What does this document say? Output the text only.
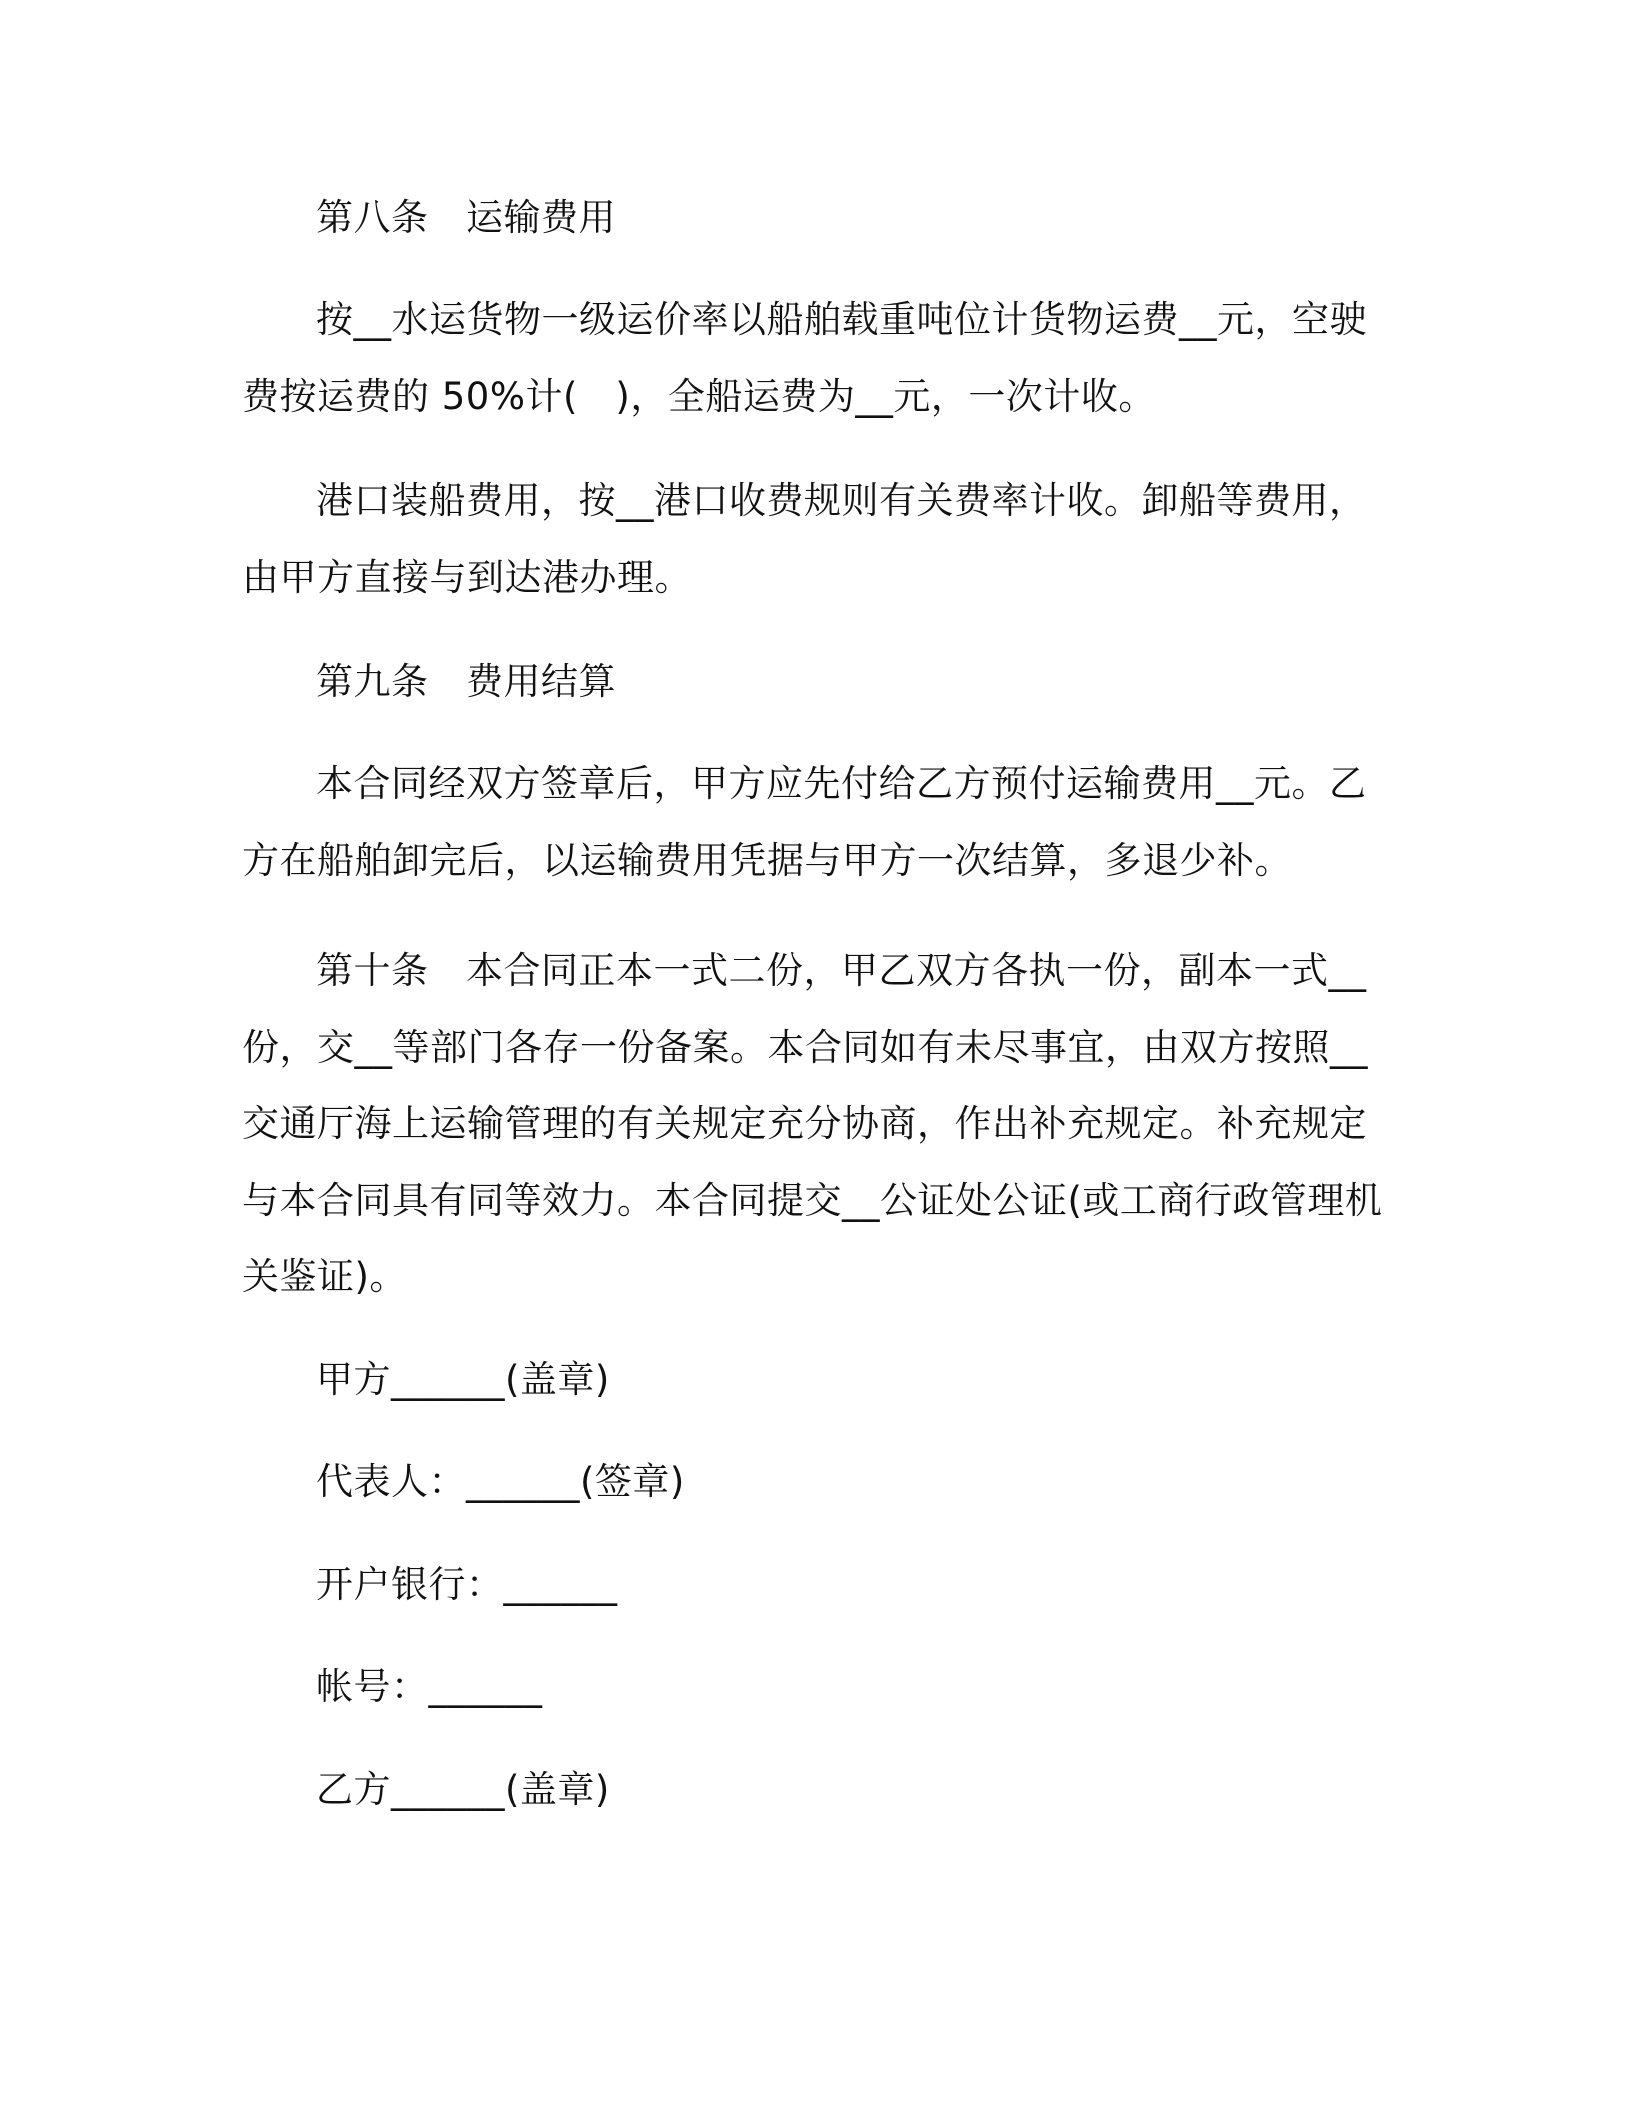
第八条　运输费用
按__水运货物一级运价率以船舶载重吨位计货物运费__元，空驶
费按运费的 50%计(　)，全船运费为__元，一次计收。
港口装船费用，按__港口收费规则有关费率计收。卸船等费用，
由甲方直接与到达港办理。
第九条　费用结算
本合同经双方签章后，甲方应先付给乙方预付运输费用__元。乙
方在船舶卸完后，以运输费用凭据与甲方一次结算，多退少补。
第十条　本合同正本一式二份，甲乙双方各执一份，副本一式__
份，交__等部门各存一份备案。本合同如有未尽事宜，由双方按照__
交通厅海上运输管理的有关规定充分协商，作出补充规定。补充规定
与本合同具有同等效力。本合同提交__公证处公证(或工商行政管理机
关鉴证)。
甲方______(盖章)
代表人：______(签章)
开户银行：______
帐号：______
乙方______(盖章)
